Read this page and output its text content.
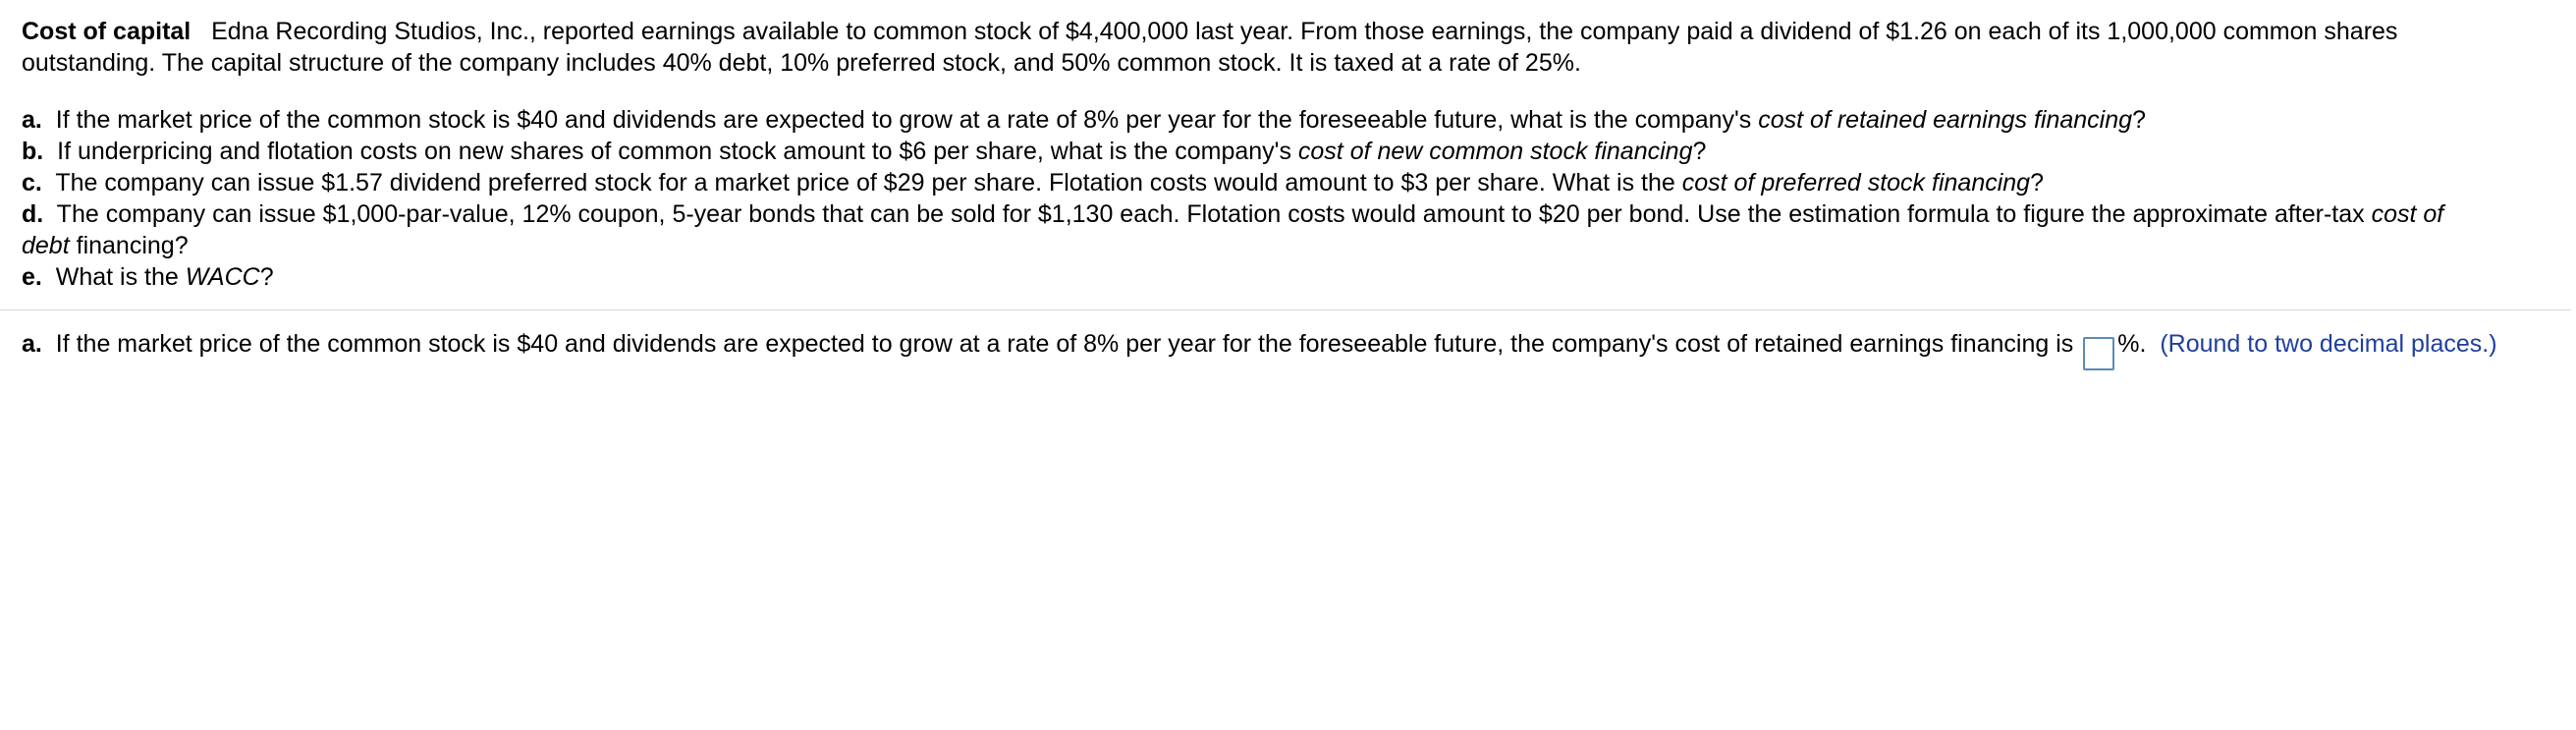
Cost of capital Edna Recording Studios, Inc., reported earnings available to common stock of $4,400,000 last year. From those earnings, the company paid a dividend of $1.26 on each of its 1,000,000 common shares
outstanding. The capital structure of the company includes 40% debt, 10% preferred stock, and 50% common stock. It is taxed at a rate of 25%.

a. If the market price of the common stock is $40 and dividends are expected to grow at a rate of 8% per year for the foreseeable future, what is the company's cost of retained earnings financing?

b. If underpricing and flotation costs on new shares of common stock amount to $6 per share, what is the company's cost of new common stock financing?

c. The company can issue $1.57 dividend preferred stock for a market price of $29 per share. Flotation costs would amount to $3 per share. What is the cost of preferred stock financing?

d. The company can issue $1,000-par-value, 12% coupon, 5-year bonds that can be sold for $1,130 each. Flotation costs would amount to $20 per bond. Use the estimation formula to figure the approximate after-tax cost of
debt financing?

e. What is the WACC?

a. If the market price of the common stock is $40 and dividends are expected to grow at a rate of 8% per year for the foreseeable future, the company's cost of retained earnings financing is %. (Round to two decimal places.)
